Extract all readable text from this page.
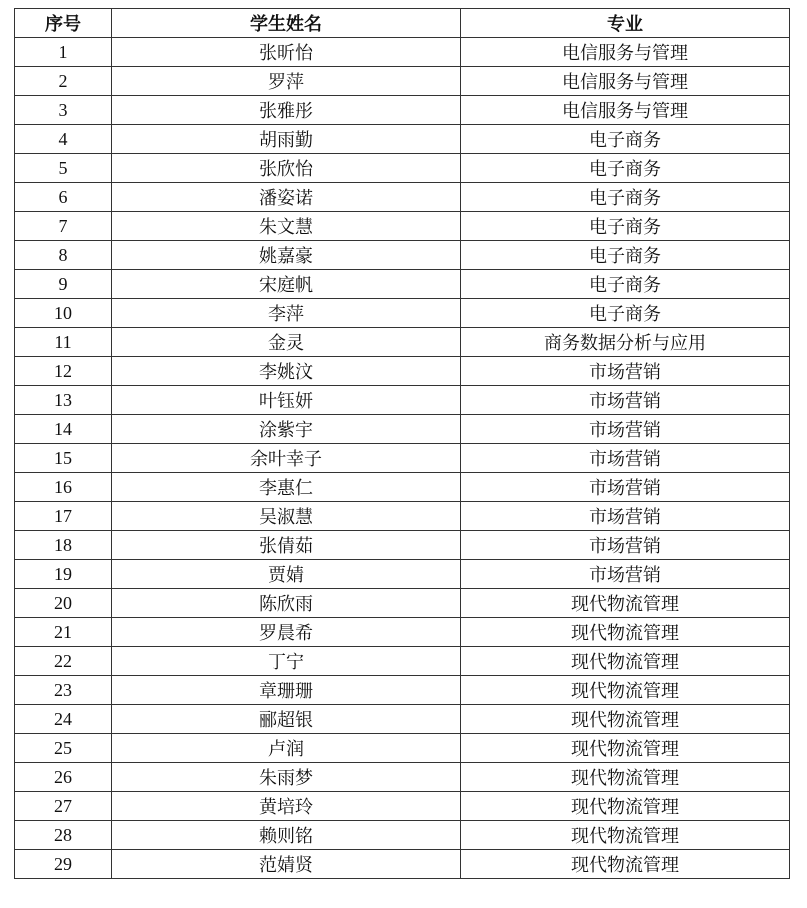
序号	学生姓名	专业
1	张昕怡	电信服务与管理
2	罗萍	电信服务与管理
3	张雅彤	电信服务与管理
4	胡雨勤	电子商务
5	张欣怡	电子商务
6	潘姿诺	电子商务
7	朱文慧	电子商务
8	姚嘉豪	电子商务
9	宋庭帆	电子商务
10	李萍	电子商务
11	金灵	商务数据分析与应用
12	李姚汶	市场营销
13	叶钰妍	市场营销
14	涂紫宇	市场营销
15	余叶幸子	市场营销
16	李惠仁	市场营销
17	吴淑慧	市场营销
18	张倩茹	市场营销
19	贾婧	市场营销
20	陈欣雨	现代物流管理
21	罗晨希	现代物流管理
22	丁宁	现代物流管理
23	章珊珊	现代物流管理
24	郦超银	现代物流管理
25	卢润	现代物流管理
26	朱雨梦	现代物流管理
27	黄培玲	现代物流管理
28	赖则铭	现代物流管理
29	范婧贤	现代物流管理
